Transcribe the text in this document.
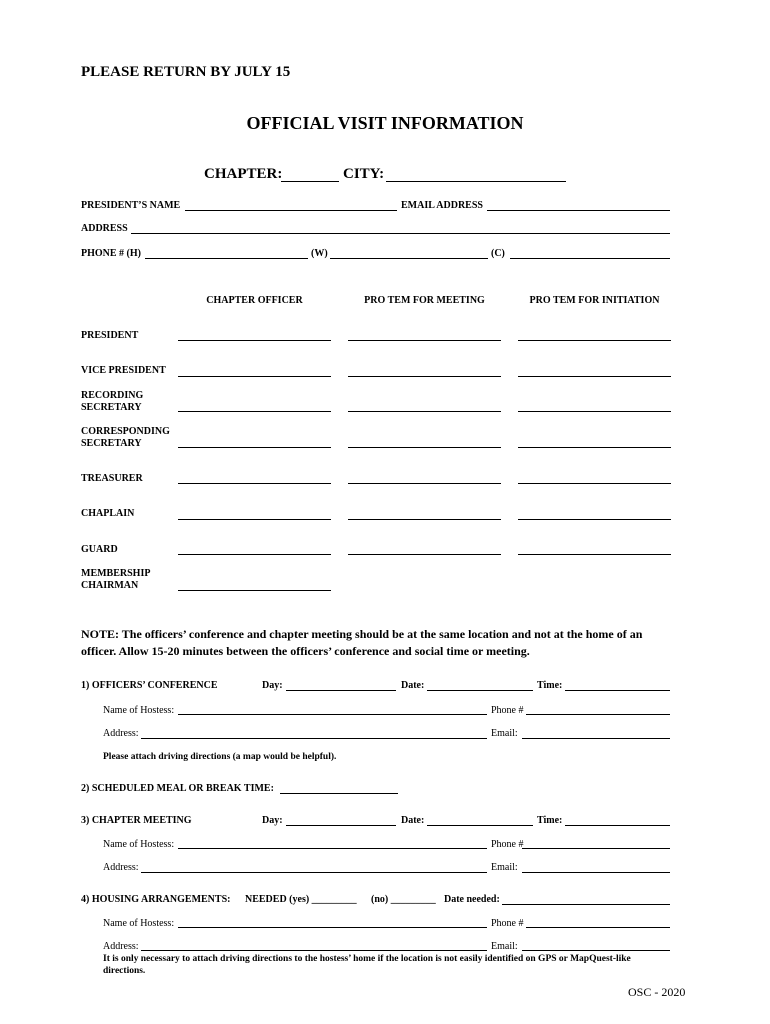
PLEASE RETURN BY JULY 15
OFFICIAL VISIT INFORMATION
CHAPTER:	CITY:
PRESIDENT’S NAME	EMAIL ADDRESS
ADDRESS
PHONE # (H)	(W)	(C)
CHAPTER OFFICER	PRO TEM FOR MEETING	PRO TEM FOR INITIATION
PRESIDENT
VICE PRESIDENT
RECORDING
SECRETARY
CORRESPONDING
SECRETARY
TREASURER
CHAPLAIN
GUARD
MEMBERSHIP
CHAIRMAN
NOTE: The officers’ conference and chapter meeting should be at the same location and not at the home of an
officer. Allow 15-20 minutes between the officers’ conference and social time or meeting.
1) OFFICERS’ CONFERENCE	Day:	Date:	Time:
Name of Hostess:	Phone #
Address:	Email:
Please attach driving directions (a map would be helpful).
2) SCHEDULED MEAL OR BREAK TIME:
3) CHAPTER MEETING	Day:	Date:	Time:
Name of Hostess:	Phone #
Address:	Email:
4) HOUSING ARRANGEMENTS: NEEDED (yes) _________ (no) _________ Date needed:
Name of Hostess:	Phone #
Address:	Email:
It is only necessary to attach driving directions to the hostess’ home if the location is not easily identified on GPS or MapQuest-like
directions.
OSC - 2020
